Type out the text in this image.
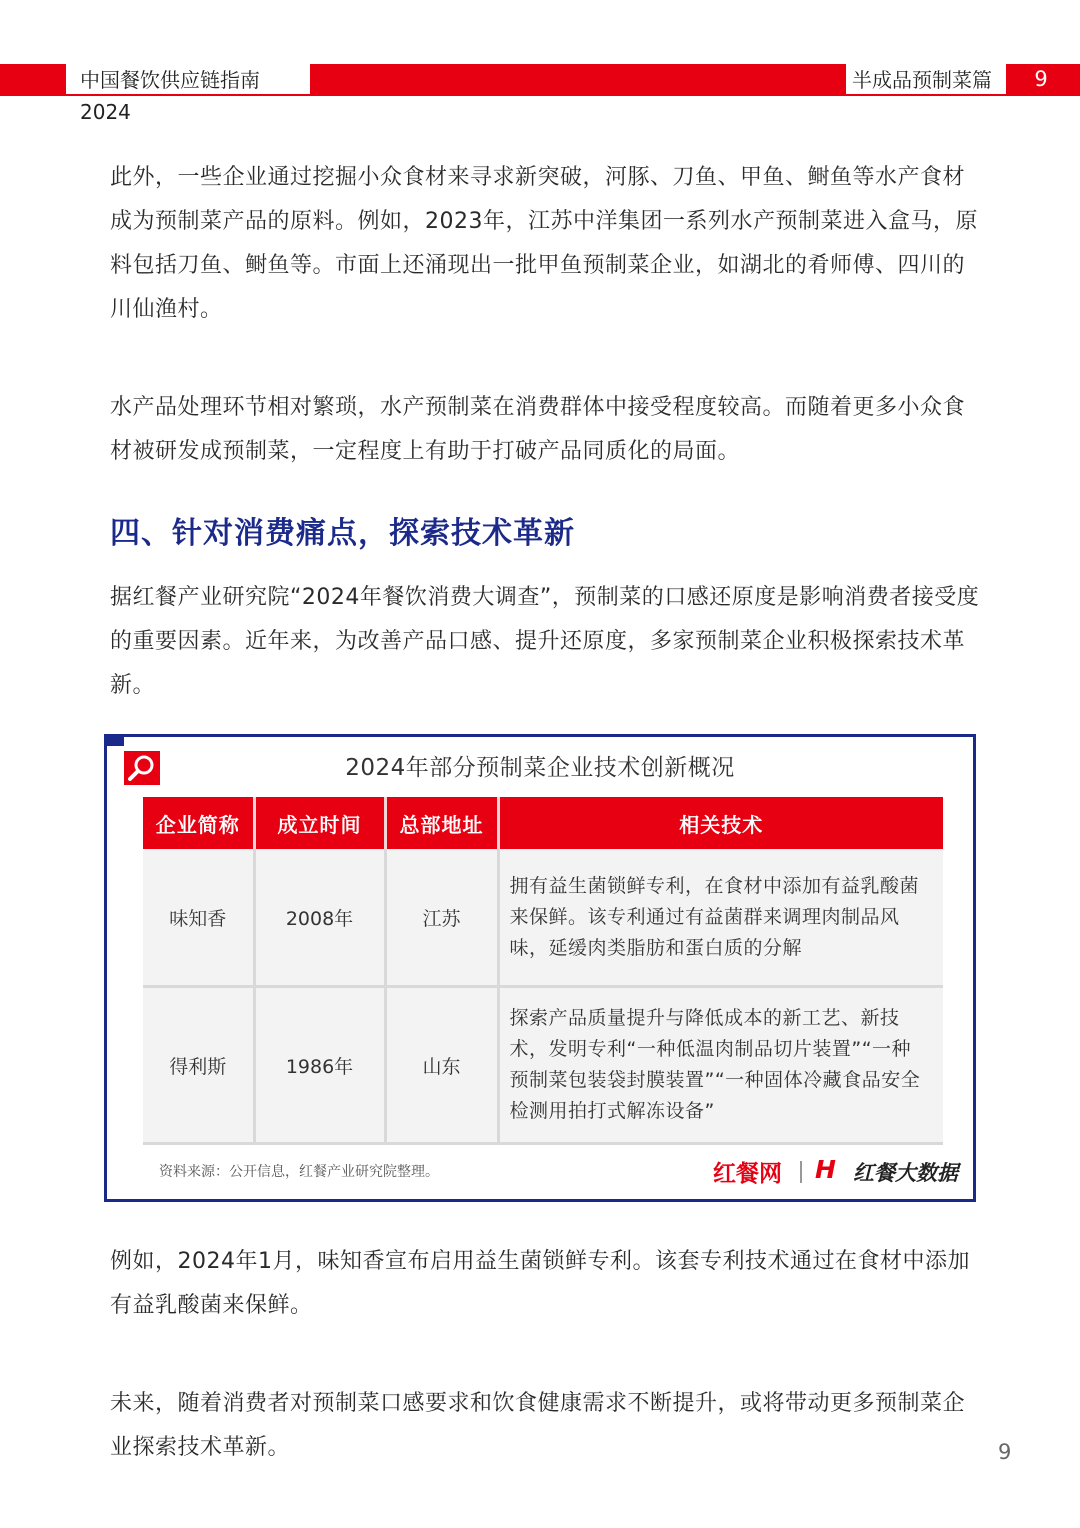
中国餐饮供应链指南2024
半成品预制菜篇	9

此外，一些企业通过挖掘小众食材来寻求新突破，河豚、刀鱼、甲鱼、鲥鱼等水产食材成为预制菜产品的原料。例如，2023年，江苏中洋集团一系列水产预制菜进入盒马，原料包括刀鱼、鲥鱼等。市面上还涌现出一批甲鱼预制菜企业，如湖北的肴师傅、四川的川仙渔村。

水产品处理环节相对繁琐，水产预制菜在消费群体中接受程度较高。而随着更多小众食材被研发成预制菜，一定程度上有助于打破产品同质化的局面。

四、针对消费痛点，探索技术革新

据红餐产业研究院“2024年餐饮消费大调查”，预制菜的口感还原度是影响消费者接受度的重要因素。近年来，为改善产品口感、提升还原度，多家预制菜企业积极探索技术革新。

2024年部分预制菜企业技术创新概况
企业简称	成立时间	总部地址	相关技术
味知香	2008年	江苏	拥有益生菌锁鲜专利，在食材中添加有益乳酸菌来保鲜。该专利通过有益菌群来调理肉制品风味，延缓肉类脂肪和蛋白质的分解
得利斯	1986年	山东	探索产品质量提升与降低成本的新工艺、新技术，发明专利“一种低温肉制品切片装置”“一种预制菜包装袋封膜装置”“一种固体冷藏食品安全检测用拍打式解冻设备”
资料来源：公开信息，红餐产业研究院整理。	红餐网 H 红餐大数据

例如，2024年1月，味知香宣布启用益生菌锁鲜专利。该套专利技术通过在食材中添加有益乳酸菌来保鲜。

未来，随着消费者对预制菜口感要求和饮食健康需求不断提升，或将带动更多预制菜企业探索技术革新。	9
